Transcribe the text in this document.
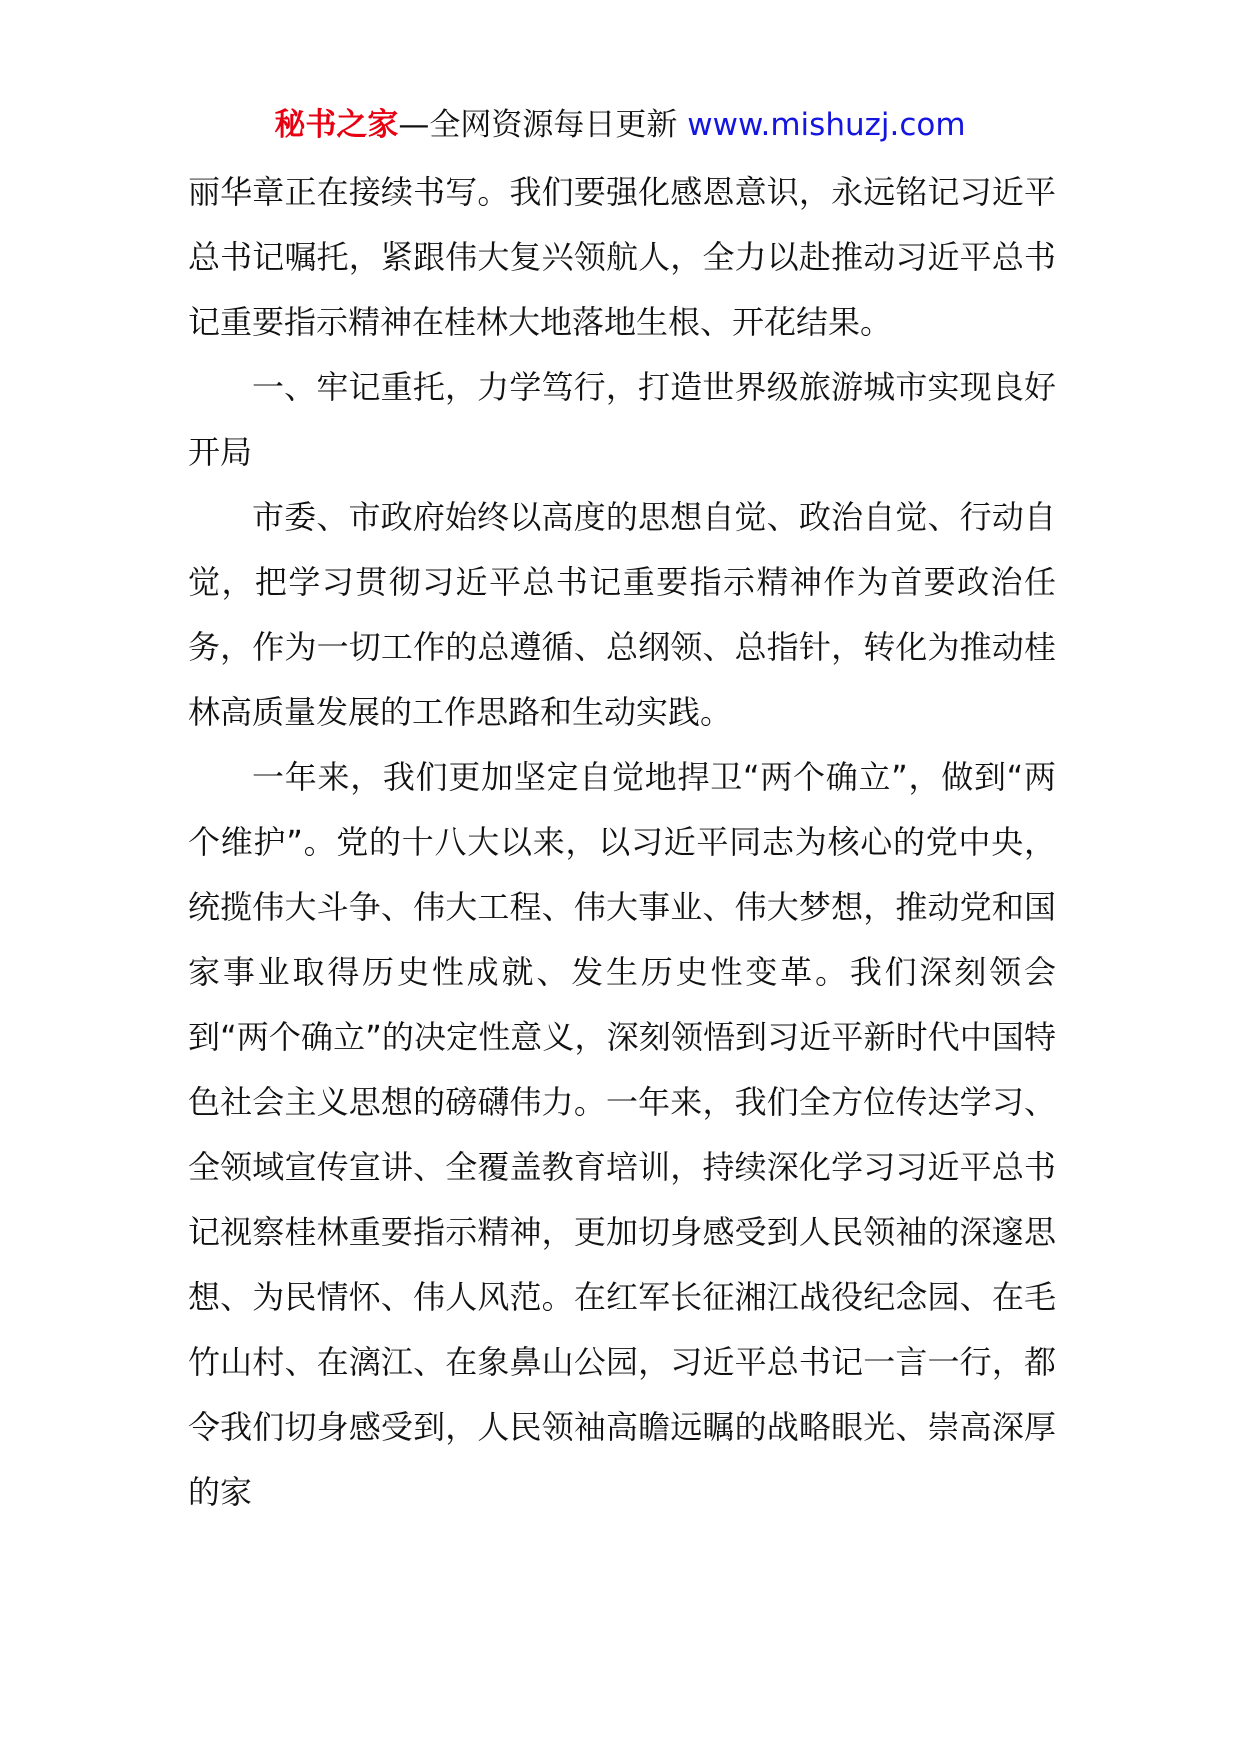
秘书之家—全网资源每日更新 www.mishuzj.com

丽华章正在接续书写。我们要强化感恩意识，永远铭记习近平总书记嘱托，紧跟伟大复兴领航人，全力以赴推动习近平总书记重要指示精神在桂林大地落地生根、开花结果。

一、牢记重托，力学笃行，打造世界级旅游城市实现良好开局

市委、市政府始终以高度的思想自觉、政治自觉、行动自觉，把学习贯彻习近平总书记重要指示精神作为首要政治任务，作为一切工作的总遵循、总纲领、总指针，转化为推动桂林高质量发展的工作思路和生动实践。

一年来，我们更加坚定自觉地捍卫“两个确立”，做到“两个维护”。党的十八大以来，以习近平同志为核心的党中央，统揽伟大斗争、伟大工程、伟大事业、伟大梦想，推动党和国家事业取得历史性成就、发生历史性变革。我们深刻领会到“两个确立”的决定性意义，深刻领悟到习近平新时代中国特色社会主义思想的磅礴伟力。一年来，我们全方位传达学习、全领域宣传宣讲、全覆盖教育培训，持续深化学习习近平总书记视察桂林重要指示精神，更加切身感受到人民领袖的深邃思想、为民情怀、伟人风范。在红军长征湘江战役纪念园、在毛竹山村、在漓江、在象鼻山公园，习近平总书记一言一行，都令我们切身感受到，人民领袖高瞻远瞩的战略眼光、崇高深厚的家
